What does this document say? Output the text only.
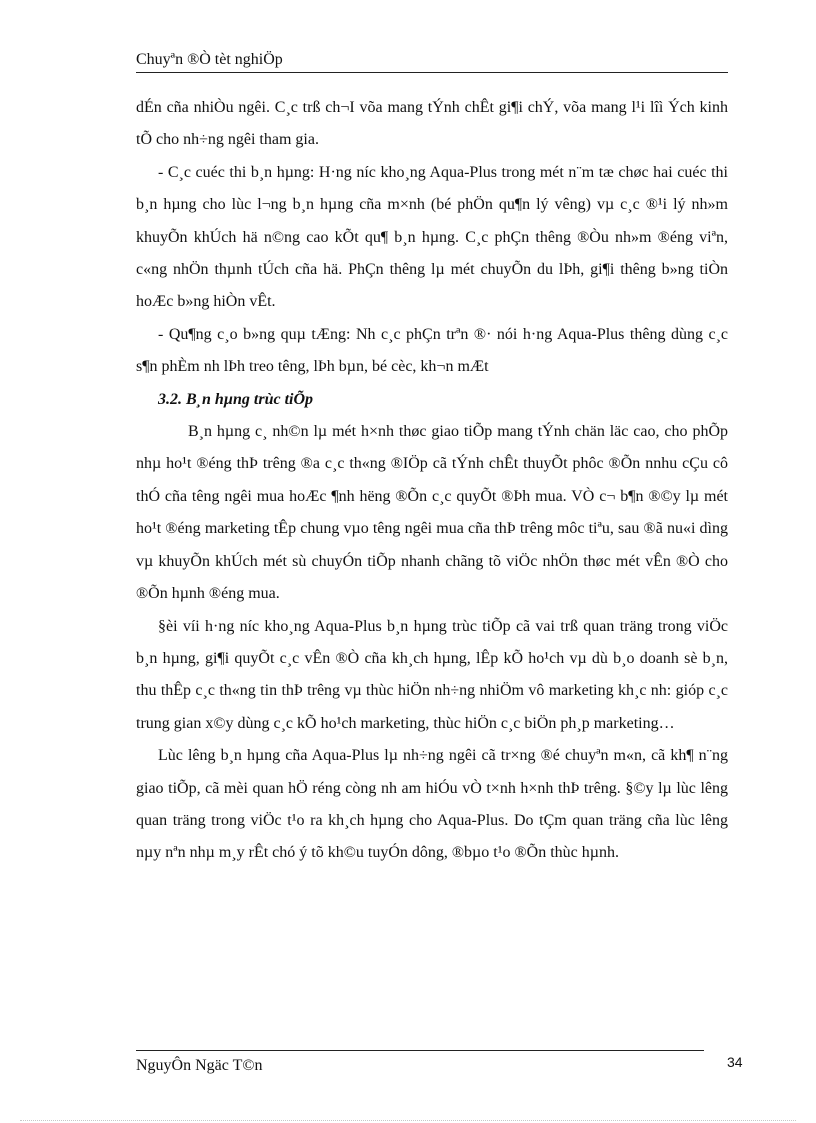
Chuyªn ®Ò tèt nghiÖp

dÉn cña nhiÒu ngêi. C¸c trß ch¬I võa mang tÝnh chÊt gi¶i chÝ, võa mang l¹i lîì Ých kinh tÕ cho nh÷ng ngêi tham gia.

- C¸c cuéc thi b¸n hµng: H·ng níc kho¸ng Aqua-Plus trong mét n¨m tæ chøc hai cuéc thi b¸n hµng cho lùc l¬ng b¸n hµng cña m×nh (bé phÖn qu¶n lý vêng) vµ c¸c ®¹i lý nh»m khuyÕn khÚch hä n©ng cao kÕt qu¶ b¸n hµng. C¸c phÇn thêng ®Òu nh»m ®éng viªn, c«ng nhÖn thµnh tÚch cña hä. PhÇn thêng lµ mét chuyÕn du lÞh, gi¶i thêng b»ng tiÒn hoÆc b»ng hiÒn vÊt.

- Qu¶ng c¸o b»ng quµ tÆng: Nh c¸c phÇn trªn ®· nói h·ng Aqua-Plus thêng dùng c¸c s¶n phÈm nh lÞh treo têng, lÞh bµn, bé cèc, kh¬n mÆt

3.2. B¸n hµng trùc tiÕp

B¸n hµng c¸ nh©n lµ mét h×nh thøc giao tiÕp mang tÝnh chän läc cao, cho phÕp nhµ ho¹t ®éng thÞ trêng ®a c¸c th«ng ®IÖp cã tÝnh chÊt thuyÕt phôc ®Õn nnhu cÇu cô thÓ cña têng ngêi mua hoÆc ¶nh hëng ®Õn c¸c quyÕt ®Þh mua. VÒ c¬ b¶n ®©y lµ mét ho¹t ®éng marketing tÊp chung vµo têng ngêi mua cña thÞ trêng môc tiªu, sau ®ã nu«i dìng vµ khuyÕn khÚch mét sù chuyÓn tiÕp nhanh chãng tõ viÖc nhÖn thøc mét vÊn ®Ò cho ®Õn hµnh ®éng mua.

§èi víi h·ng níc kho¸ng Aqua-Plus b¸n hµng trùc tiÕp cã vai trß quan träng trong viÖc b¸n hµng, gi¶i quyÕt c¸c vÊn ®Ò cña kh¸ch hµng, lÊp kÕ ho¹ch vµ dù b¸o doanh sè b¸n, thu thÊp c¸c th«ng tin thÞ trêng vµ thùc hiÖn nh÷ng nhiÖm vô marketing kh¸c nh: gióp c¸c trung gian x©y dùng c¸c kÕ ho¹ch marketing, thùc hiÖn c¸c biÖn ph¸p marketing…

Lùc lêng b¸n hµng cña Aqua-Plus lµ nh÷ng ngêi cã tr×ng ®é chuyªn m«n, cã kh¶ n¨ng giao tiÕp, cã mèi quan hÖ réng còng nh am hiÓu vÒ t×nh h×nh thÞ trêng. §©y lµ lùc lêng quan träng trong viÖc t¹o ra kh¸ch hµng cho Aqua-Plus. Do tÇm quan träng cña lùc lêng nµy nªn nhµ m¸y rÊt chó ý tõ kh©u tuyÓn dông, ®bµo t¹o ®Õn thùc hµnh.

NguyÔn Ngäc T©n	34
